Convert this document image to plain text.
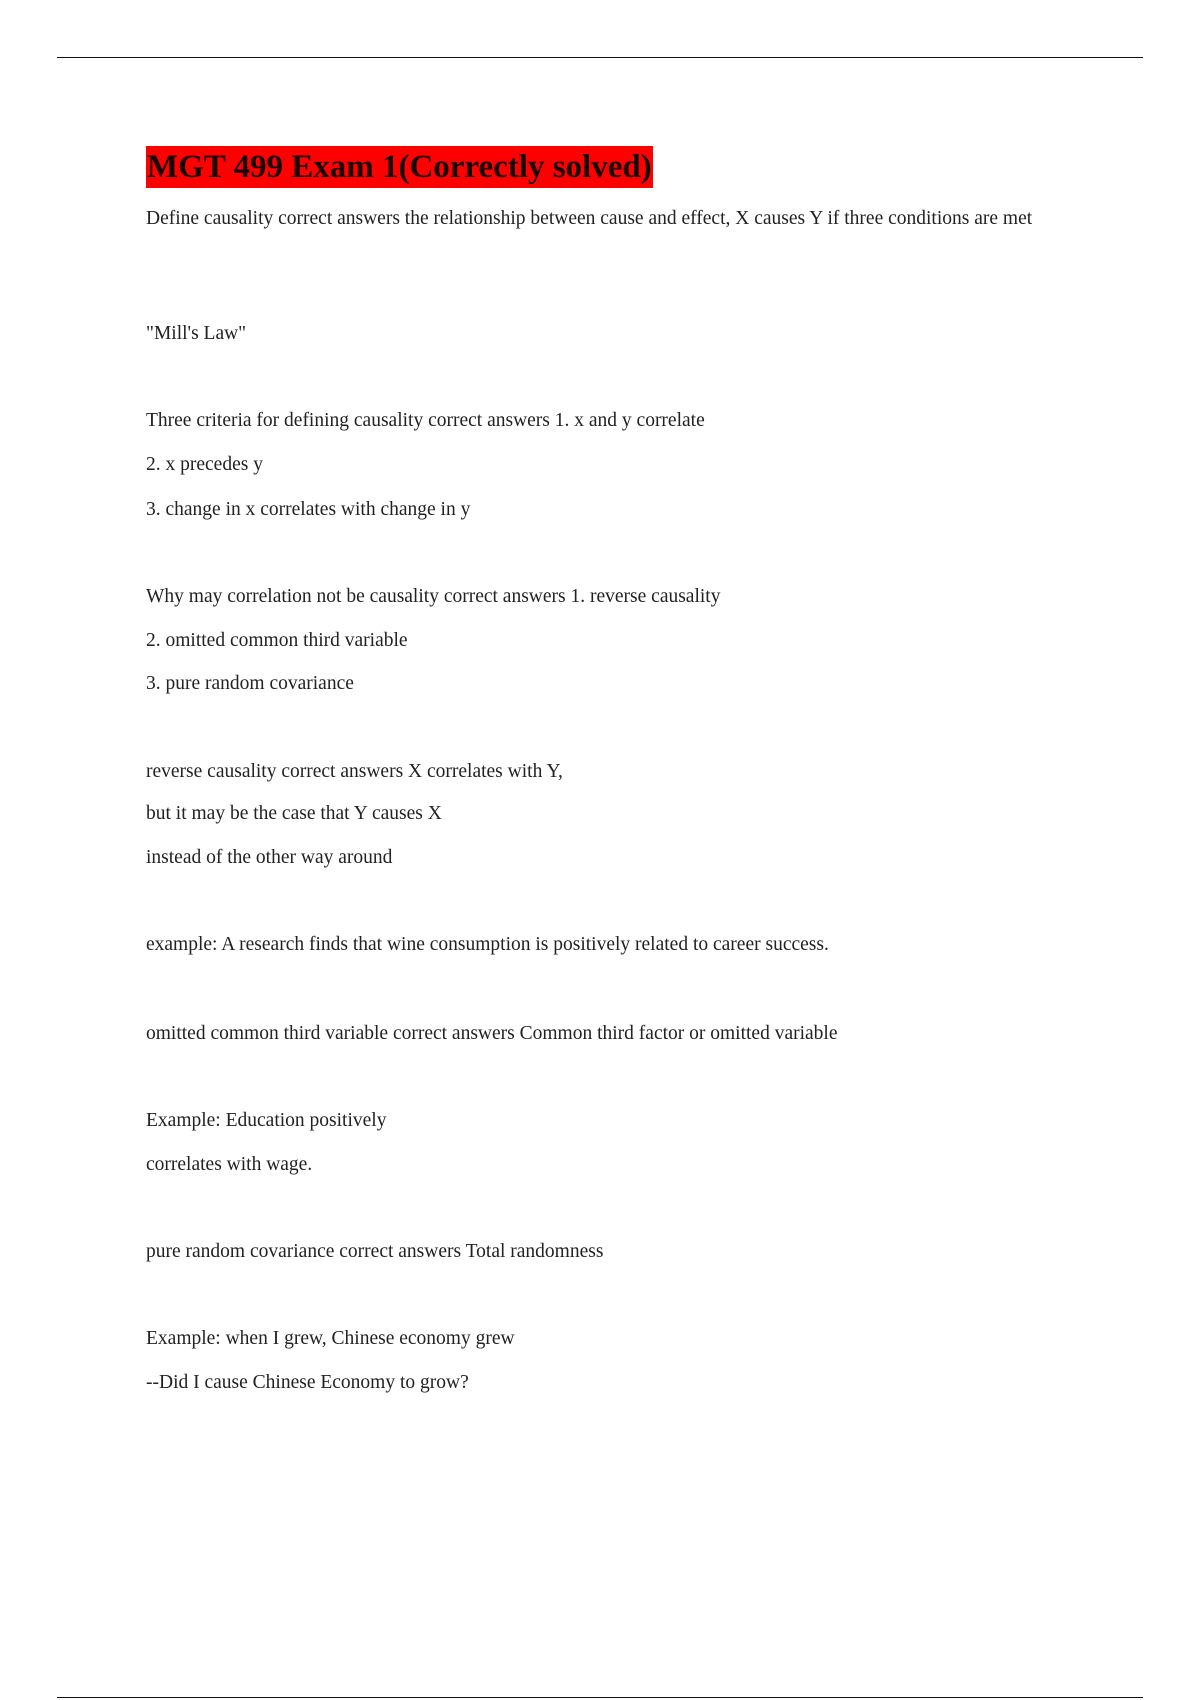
MGT 499 Exam 1(Correctly solved)
Define causality correct answers the relationship between cause and effect, X causes Y if three conditions are met
"Mill's Law"
Three criteria for defining causality correct answers 1. x and y correlate
2. x precedes y
3. change in x correlates with change in y
Why may correlation not be causality correct answers 1. reverse causality
2. omitted common third variable
3. pure random covariance
reverse causality correct answers X correlates with Y,
but it may be the case that Y causes X
instead of the other way around
example: A research finds that wine consumption is positively related to career success.
omitted common third variable correct answers Common third factor or omitted variable
Example: Education positively
correlates with wage.
pure random covariance correct answers Total randomness
Example: when I grew, Chinese economy grew
--Did I cause Chinese Economy to grow?
